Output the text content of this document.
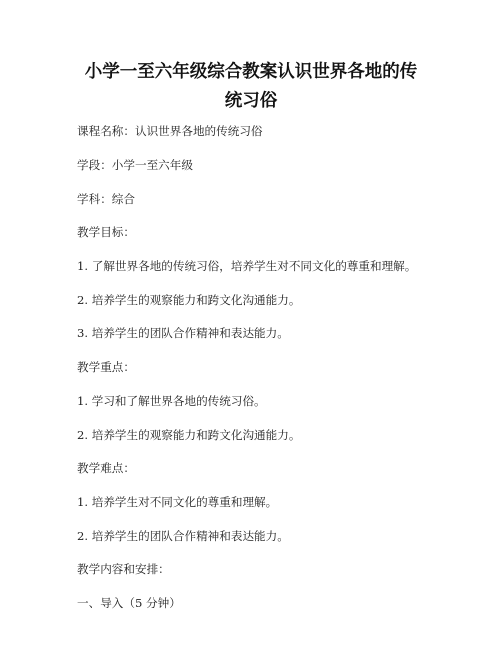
小学一至六年级综合教案认识世界各地的传
统习俗
课程名称：认识世界各地的传统习俗
学段：小学一至六年级
学科：综合
教学目标：
1. 了解世界各地的传统习俗，培养学生对不同文化的尊重和理解。
2. 培养学生的观察能力和跨文化沟通能力。
3. 培养学生的团队合作精神和表达能力。
教学重点：
1. 学习和了解世界各地的传统习俗。
2. 培养学生的观察能力和跨文化沟通能力。
教学难点：
1. 培养学生对不同文化的尊重和理解。
2. 培养学生的团队合作精神和表达能力。
教学内容和安排：
一、导入（5 分钟）
